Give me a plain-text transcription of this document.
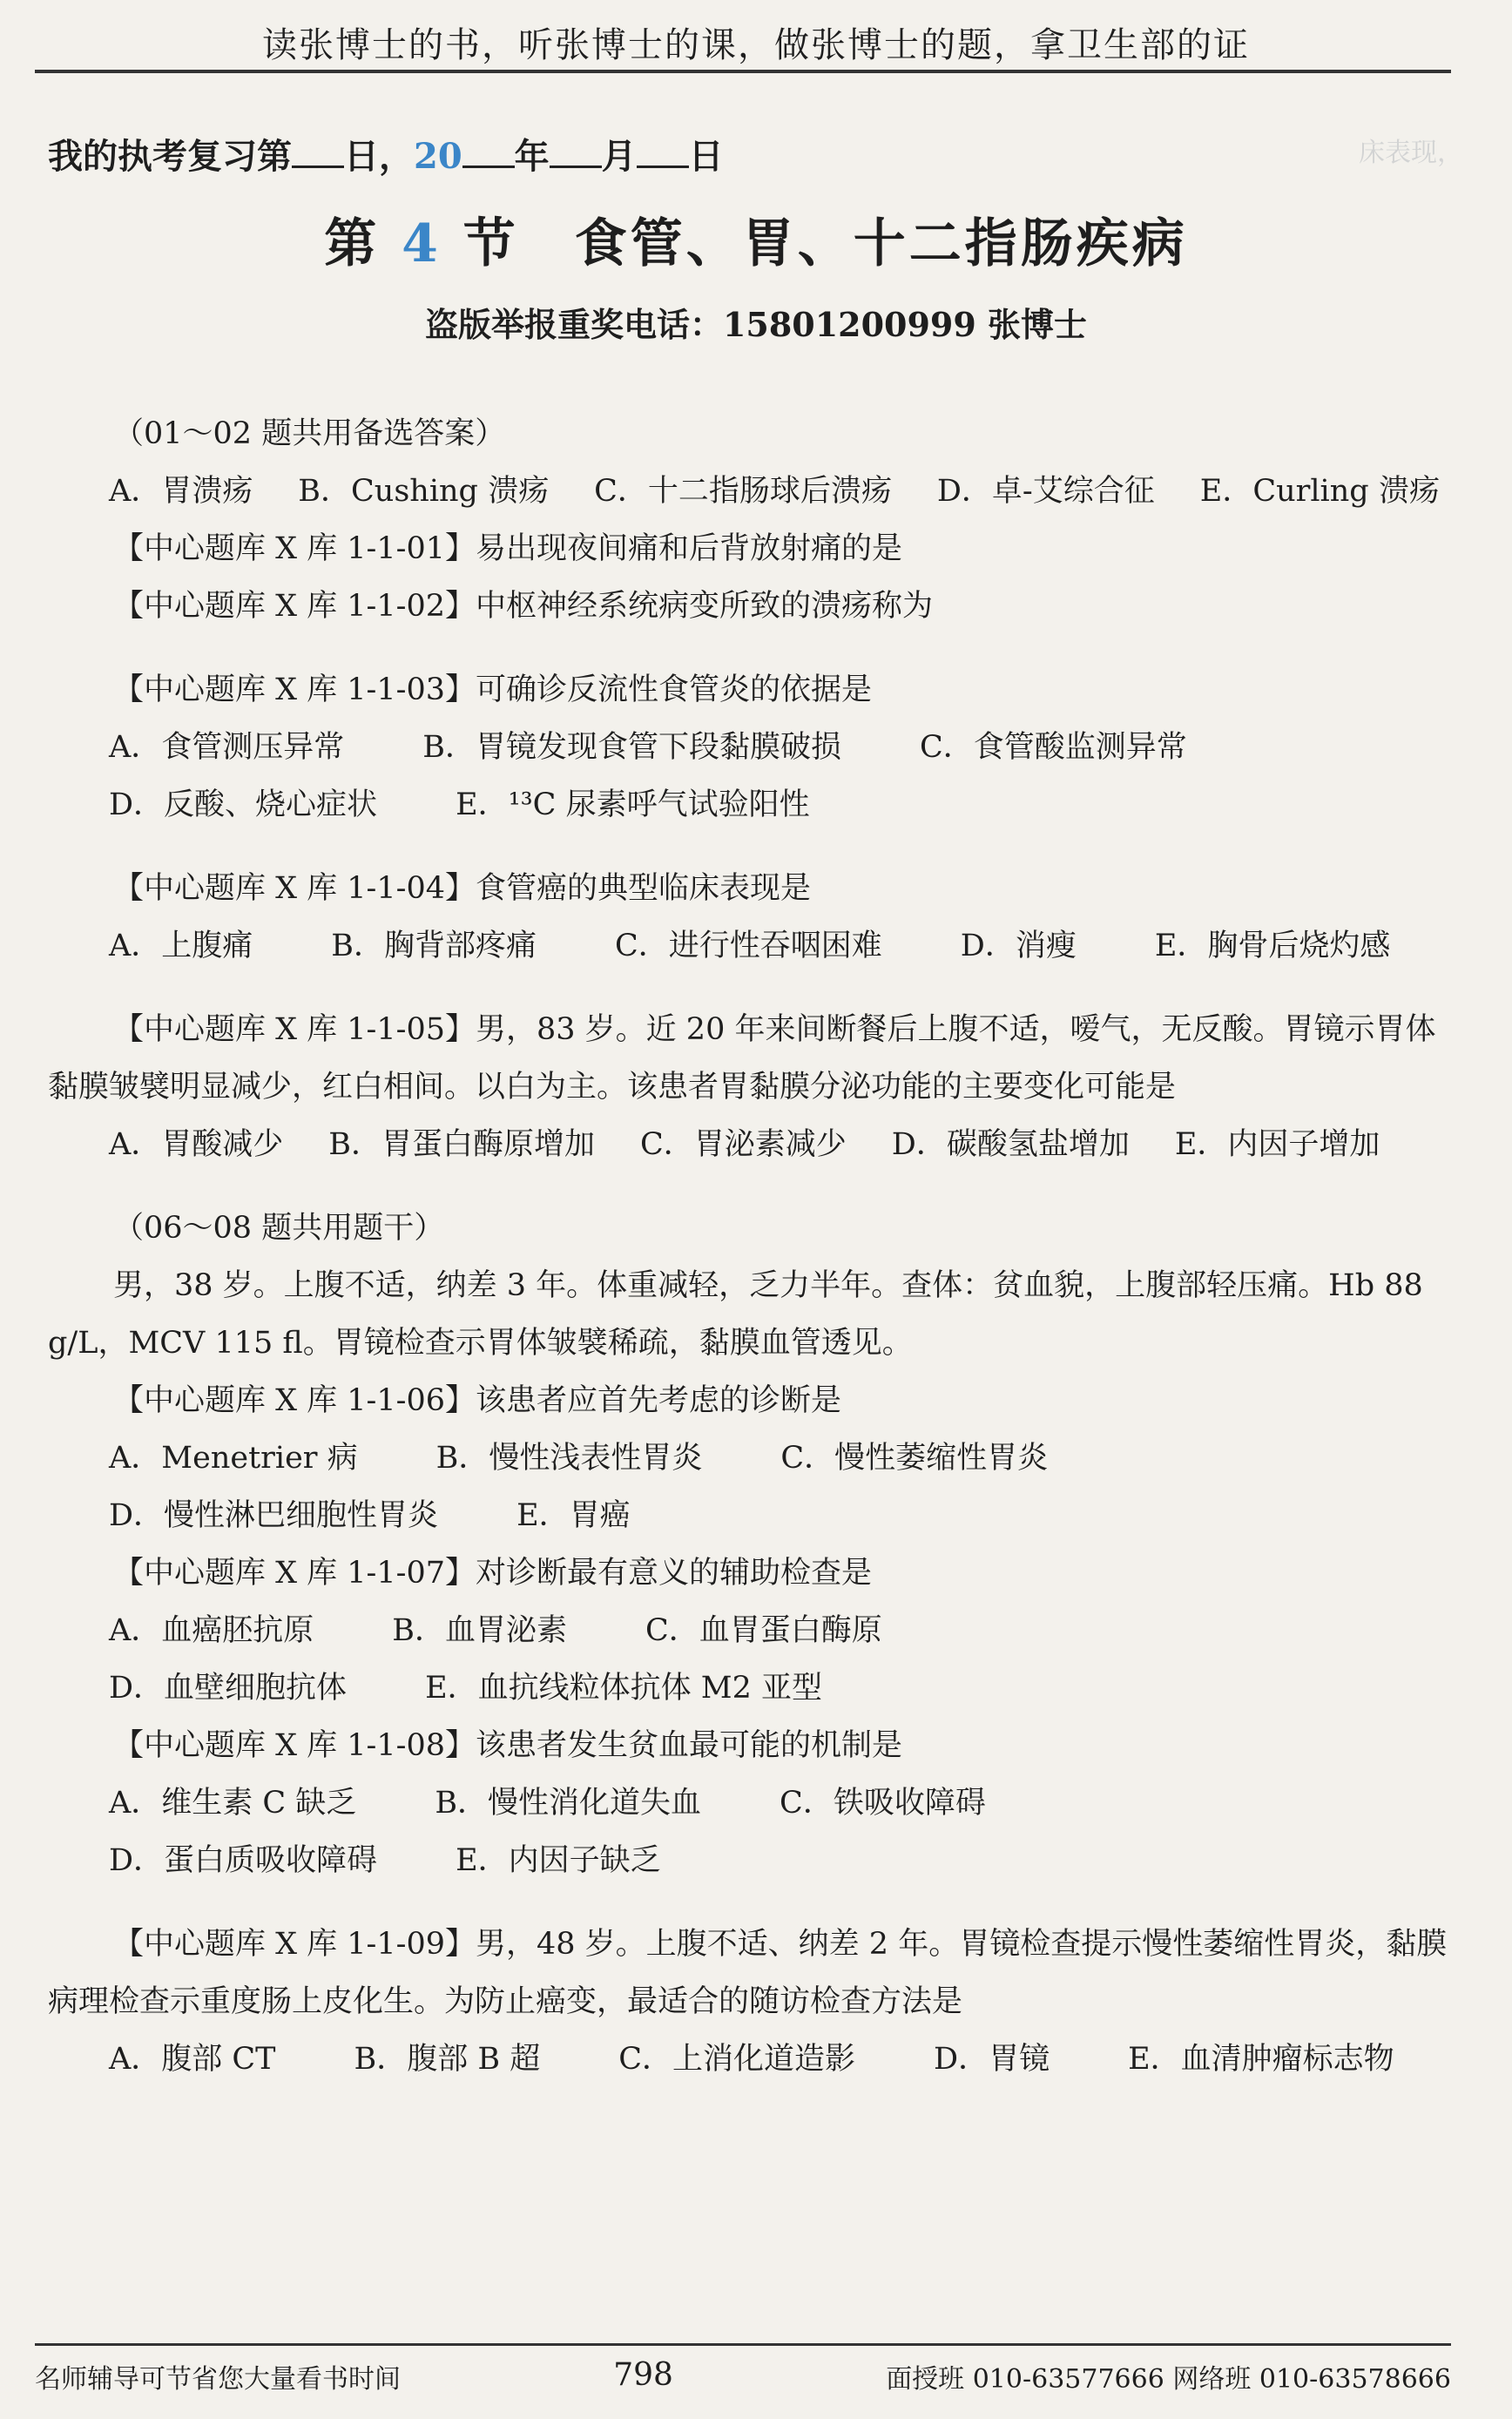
床表现，
读张博士的书，听张博士的课，做张博士的题，拿卫生部的证
我的执考复习第 日，20 年 月 日
第 4 节　食管、胃、十二指肠疾病
盗版举报重奖电话：15801200999 张博士
（01～02 题共用备选答案）
A．胃溃疡 B．Cushing 溃疡 C．十二指肠球后溃疡 D．卓-艾综合征 E．Curling 溃疡
【中心题库 X 库 1-1-01】易出现夜间痛和后背放射痛的是
【中心题库 X 库 1-1-02】中枢神经系统病变所致的溃疡称为
【中心题库 X 库 1-1-03】可确诊反流性食管炎的依据是
A．食管测压异常	B．胃镜发现食管下段黏膜破损	C．食管酸监测异常
D．反酸、烧心症状	E．¹³C 尿素呼气试验阳性
【中心题库 X 库 1-1-04】食管癌的典型临床表现是
A．上腹痛	B．胸背部疼痛	C．进行性吞咽困难	D．消瘦	E．胸骨后烧灼感
【中心题库 X 库 1-1-05】男，83 岁。近 20 年来间断餐后上腹不适，嗳气，无反酸。胃镜示胃体黏膜皱襞明显减少，红白相间。以白为主。该患者胃黏膜分泌功能的主要变化可能是
A．胃酸减少 B．胃蛋白酶原增加 C．胃泌素减少 D．碳酸氢盐增加 E．内因子增加
（06～08 题共用题干）
男，38 岁。上腹不适，纳差 3 年。体重减轻，乏力半年。查体：贫血貌，上腹部轻压痛。Hb 88 g/L，MCV 115 fl。胃镜检查示胃体皱襞稀疏，黏膜血管透见。
【中心题库 X 库 1-1-06】该患者应首先考虑的诊断是
A．Menetrier 病	B．慢性浅表性胃炎	C．慢性萎缩性胃炎
D．慢性淋巴细胞性胃炎	E．胃癌
【中心题库 X 库 1-1-07】对诊断最有意义的辅助检查是
A．血癌胚抗原	B．血胃泌素	C．血胃蛋白酶原
D．血壁细胞抗体	E．血抗线粒体抗体 M2 亚型
【中心题库 X 库 1-1-08】该患者发生贫血最可能的机制是
A．维生素 C 缺乏	B．慢性消化道失血	C．铁吸收障碍
D．蛋白质吸收障碍	E．内因子缺乏
【中心题库 X 库 1-1-09】男，48 岁。上腹不适、纳差 2 年。胃镜检查提示慢性萎缩性胃炎，黏膜病理检查示重度肠上皮化生。为防止癌变，最适合的随访检查方法是
A．腹部 CT	B．腹部 B 超	C．上消化道造影	D．胃镜	E．血清肿瘤标志物
名师辅导可节省您大量看书时间	798	面授班 010-63577666 网络班 010-63578666
